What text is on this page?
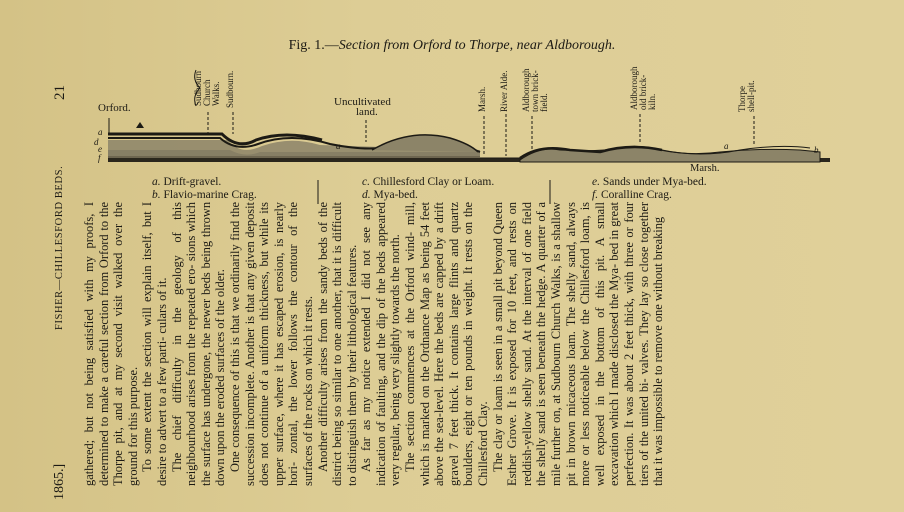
1865.]
FISHER—CHILLESFORD BEDS.
21
Fig. 1.—Section from Orford to Thorpe, near Aldborough.
Orford.	Uncultivated
land.
Marsh.
a
d
e
f
a	a	b
Sudbourn Church Walks. Sudbourn.	Marsh. River Alde. Aldborough town brick- field.	Aldborough old brick- kiln.	Thorpe shell-pit.
a. Drift-gravel.
b. Flavio-marine Crag.
c. Chillesford Clay or Loam.
d. Mya-bed.
e. Sands under Mya-bed.
f. Coralline Crag.

gathered; but not being satisfied with my proofs, I determined to make a careful section from Orford to the Thorpe pit, and at my second visit walked over the ground for this purpose. To some extent the section will explain itself, but I desire to advert to a few parti- culars of it. The chief difficulty in the geology of this neighbourhood arises from the repeated ero- sions which the surface has undergone, the newer beds being thrown down upon the eroded surfaces of the older. One consequence of this is that we ordinarily find the succession incomplete. Another is that any given deposit does not continue of a uniform thickness, but while its upper surface, where it has escaped erosion, is nearly hori- zontal, the lower follows the contour of the surfaces of the rocks on which it rests. Another difficulty arises from the sandy beds of the district being so similar to one another, that it is difficult to distinguish them by their lithological features. As far as my notice extended I did not see any indication of faulting, and the dip of the beds appeared very regular, being very slightly towards the north. The section commences at the Orford wind- mill, which is marked on the Ordnance Map as being 54 feet above the sea-level. Here the beds are capped by a drift gravel 7 feet thick. It contains large flints and quartz boulders, eight or ten pounds in weight. It rests on the Chillesford Clay. The clay or loam is seen in a small pit beyond Queen Esther Grove. It is exposed for 10 feet, and rests on reddish-yellow shelly sand. At the interval of one field the shelly sand is seen beneath the hedge. A quarter of a mile further on, at Sudbourn Church Walks, is a shallow pit in brown micaceous loam. The shelly sand, always more or less noticeable below the Chillesford loam, is well exposed in the bottom of this pit. A small excavation which I made disclosed the Mya- bed in great perfection. It was about 2 feet thick, with three or four tiers of the united bi- valves. They lay so close together that it was impossible to remove one without breaking
